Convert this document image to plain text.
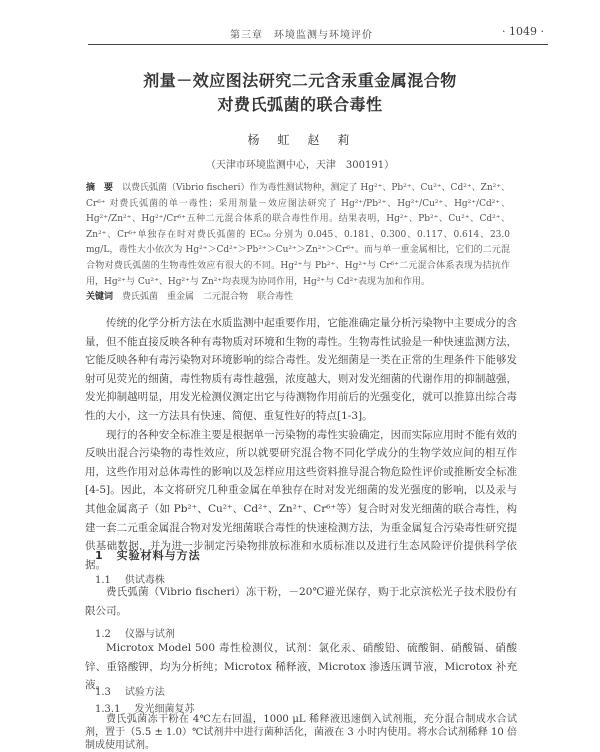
第三章　环境监测与环境评价	· 1049 ·
剂量－效应图法研究二元含汞重金属混合物
对费氏弧菌的联合毒性
杨　虹　赵　莉
（天津市环境监测中心，天津　300191）

摘　要　 以费氏弧菌（Vibrio fischeri）作为毒性测试物种，测定了 Hg²⁺、Pb²⁺、Cu²⁺、Cd²⁺、Zn²⁺、Cr⁶⁺ 对费氏弧菌的单一毒性；采用剂量－效应图法研究了 Hg²⁺/Pb²⁺、Hg²⁺/Cu²⁺、Hg²⁺/Cd²⁺、Hg²⁺/Zn²⁺、Hg²⁺/Cr⁶⁺五种二元混合体系的联合毒性作用。结果表明，Hg²⁺、Pb²⁺、Cu²⁺、Cd²⁺、Zn²⁺、Cr⁶⁺单独存在时对费氏弧菌的 EC₅₀ 分别为 0.045、0.181、0.300、0.117、0.614、23.0 mg/L，毒性大小依次为 Hg²⁺＞Cd²⁺＞Pb²⁺＞Cu²⁺＞Zn²⁺＞Cr⁶⁺。而与单一重金属相比，它们的二元混合物对费氏弧菌的生物毒性效应有很大的不同。Hg²⁺与 Pb²⁺、Hg²⁺与 Cr⁶⁺二元混合体系表现为拮抗作用，Hg²⁺与 Cu²⁺、Hg²⁺与 Zn²⁺均表现为协同作用，Hg²⁺与 Cd²⁺表现为加和作用。

关键词　 费氏弧菌　重金属　二元混合物　联合毒性

传统的化学分析方法在水质监测中起重要作用，它能准确定量分析污染物中主要成分的含量，但不能直接反映各种有毒物质对环境和生物的毒性。生物毒性试验是一种快速监测方法，它能反映各种有毒污染物对环境影响的综合毒性。发光细菌是一类在正常的生理条件下能够发射可见荧光的细菌，毒性物质有毒性越强，浓度越大，则对发光细菌的代谢作用的抑制越强，发光抑制越明显，用发光检测仪测定出它与待测物作用前后的光强变化，就可以推算出综合毒性的大小，这一方法具有快速、简便、重复性好的特点[1-3]。

现行的各种安全标准主要是根据单一污染物的毒性实验确定，因而实际应用时不能有效的反映出混合污染物的毒性效应，所以就要研究混合物不同化学成分的生物学效应间的相互作用，这些作用对总体毒性的影响以及怎样应用这些资料推导混合物危险性评价或推断安全标准[4-5]。因此，本文将研究几种重金属在单独存在时对发光细菌的发光强度的影响，以及汞与其他金属离子（如 Pb²⁺、Cu²⁺、Cd²⁺、Zn²⁺、Cr⁶⁺等）复合时对发光细菌的联合毒性，构建一套二元重金属混合物对发光细菌联合毒性的快速检测方法，为重金属复合污染毒性研究提供基础数据，并为进一步制定污染物排放标准和水质标准以及进行生态风险评价提供科学依据。

1 实验材料与方法
1.1 供试毒株

费氏弧菌（Vibrio fischeri）冻干粉，－20℃避光保存，购于北京滨松光子技术股份有限公司。

1.2 仪器与试剂

Microtox Model 500 毒性检测仪，试剂：氯化汞、硝酸铅、硫酸铜、硝酸镉、硝酸锌、重铬酸钾，均为分析纯；Microtox 稀释液，Microtox 渗透压调节液，Microtox 补充液。

1.3 试验方法
1.3.1 发光细菌复苏

费氏弧菌冻干粉在 4℃左右回温，1000 μL 稀释液迅速倒入试剂瓶，充分混合制成水合试剂，置于（5.5 ± 1.0）℃试剂井中进行菌种活化，菌液在 3 小时内使用。将水合试剂稀释 10 倍制成使用试剂。
